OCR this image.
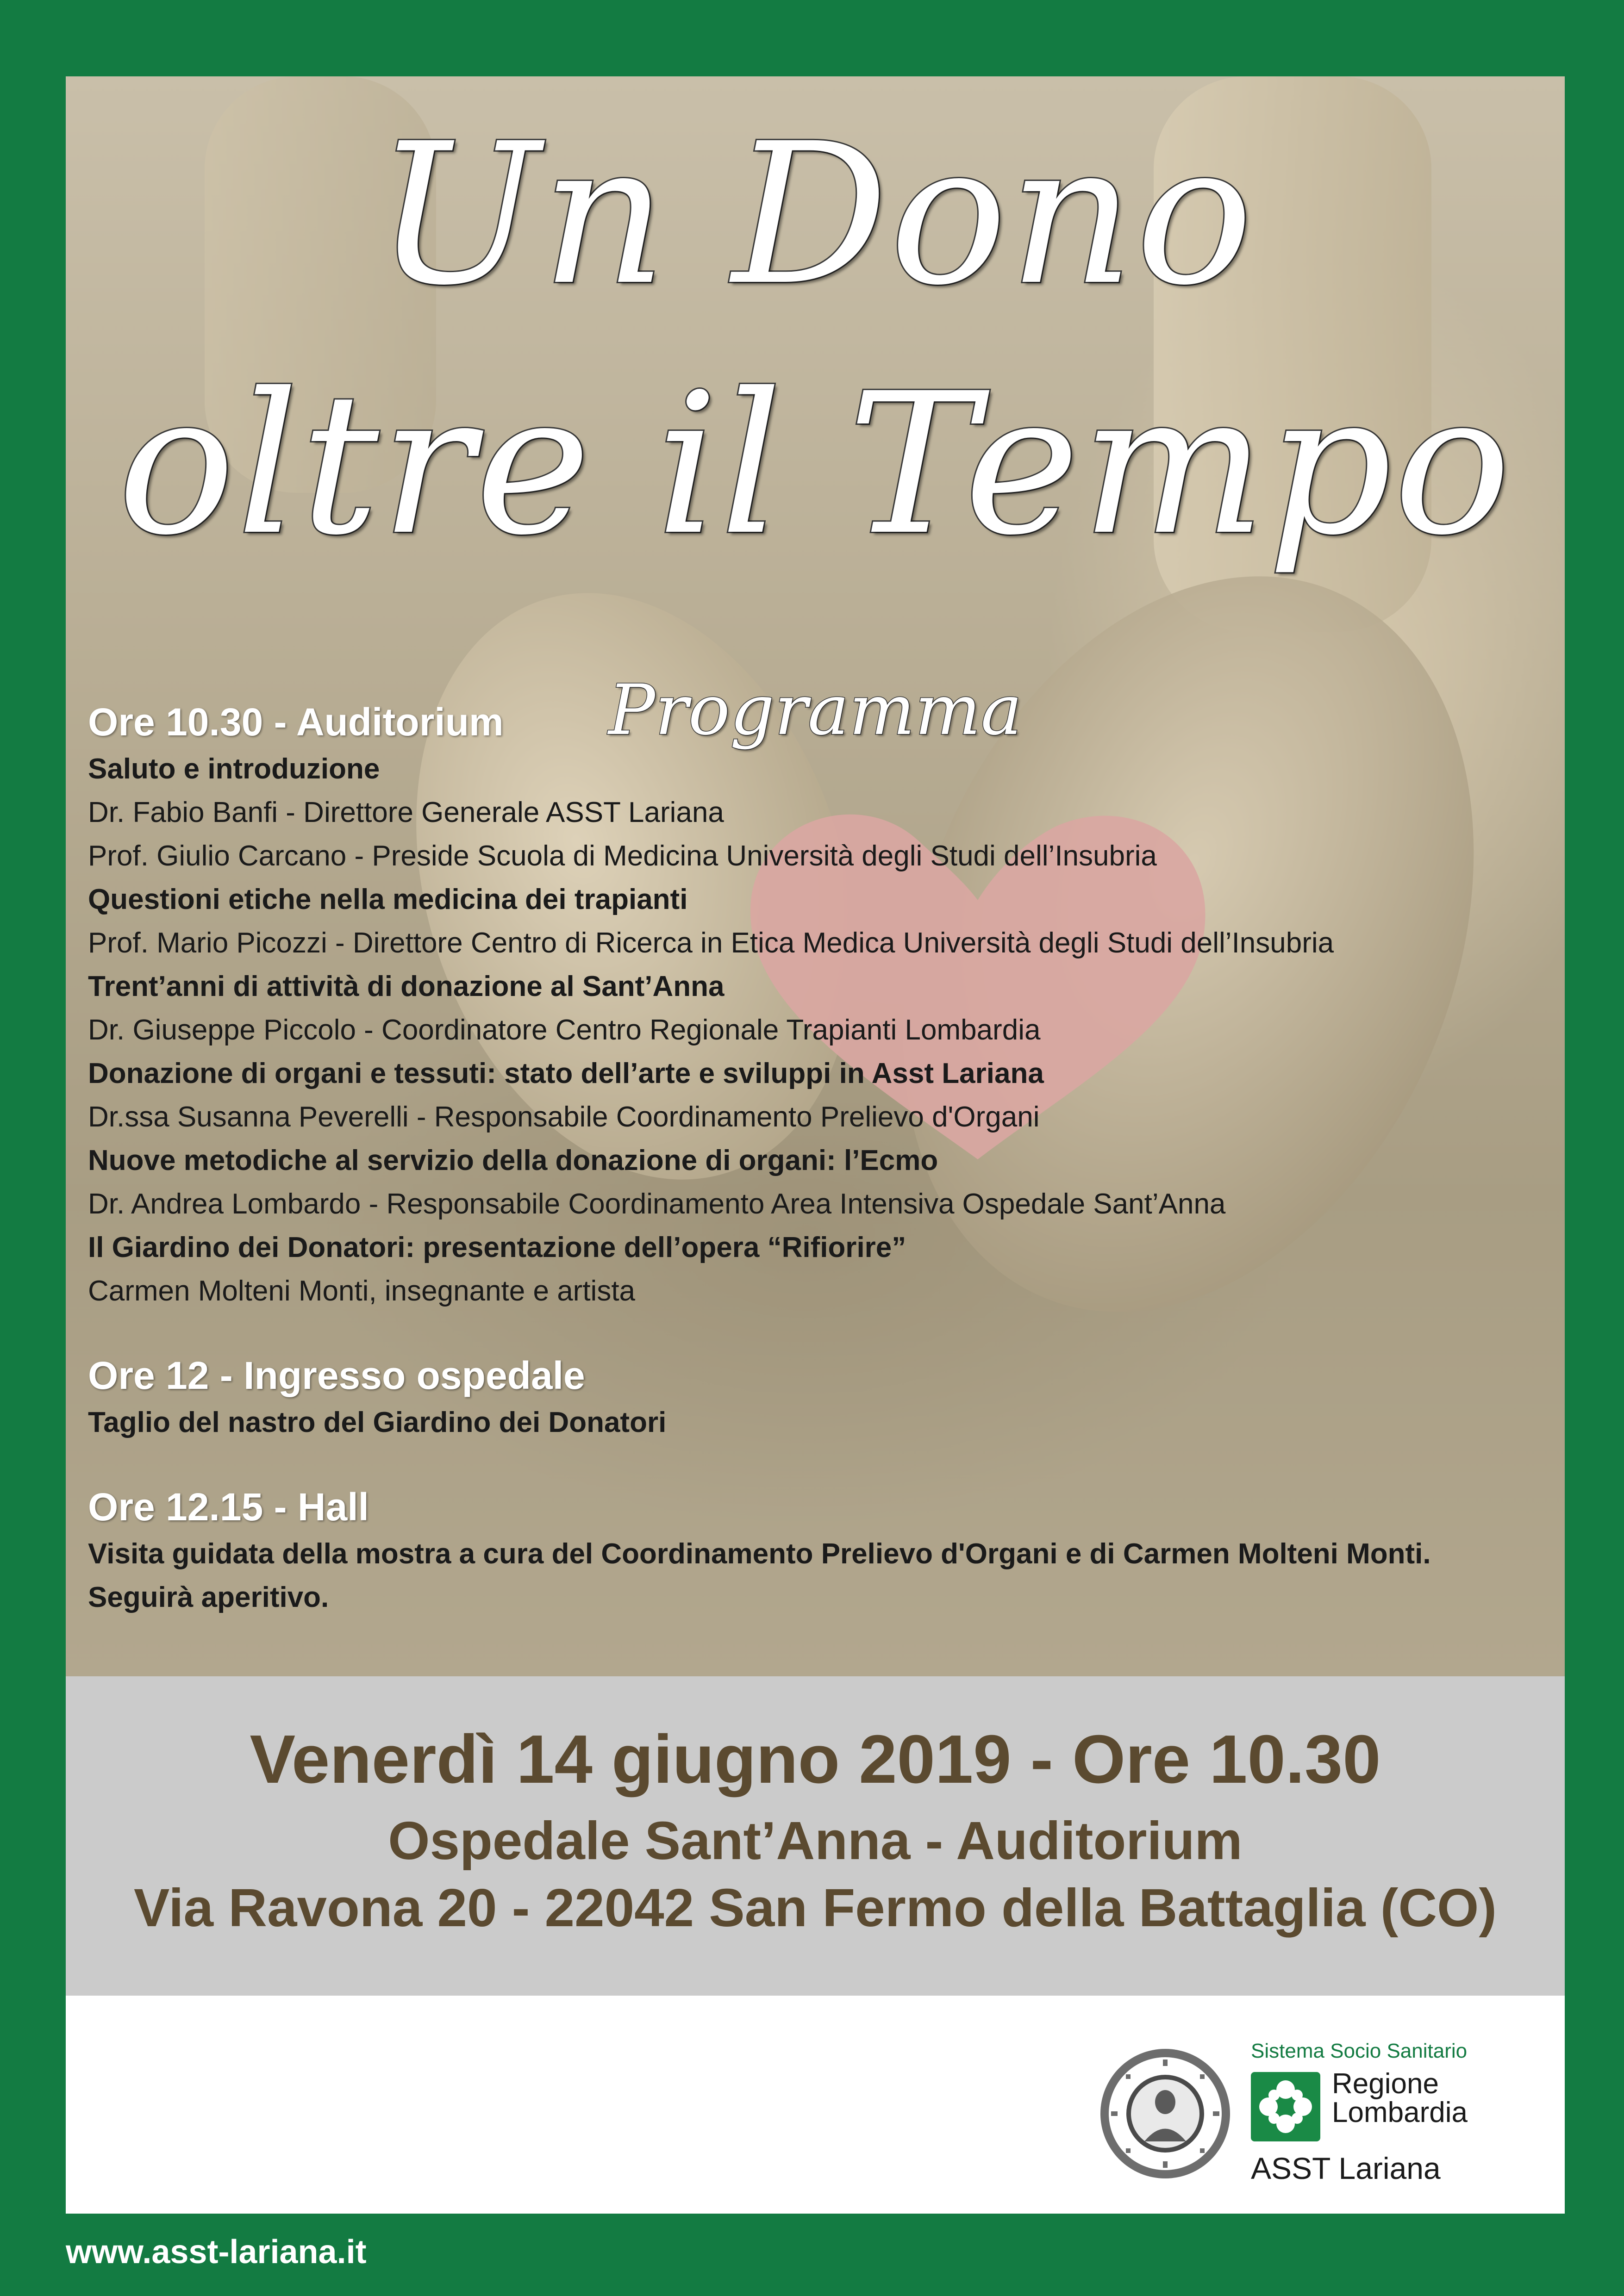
Un Dono

oltre il Tempo

Programma

Ore 10.30 - Auditorium

Saluto e introduzione

Dr. Fabio Banfi - Direttore Generale ASST Lariana

Prof. Giulio Carcano - Preside Scuola di Medicina Università degli Studi dell’Insubria

Questioni etiche nella medicina dei trapianti

Prof. Mario Picozzi - Direttore Centro di Ricerca in Etica Medica Università degli Studi dell’Insubria

Trent’anni di attività di donazione al Sant’Anna

Dr. Giuseppe Piccolo - Coordinatore Centro Regionale Trapianti Lombardia

Donazione di organi e tessuti: stato dell’arte e sviluppi in Asst Lariana

Dr.ssa Susanna Peverelli - Responsabile Coordinamento Prelievo d'Organi

Nuove metodiche al servizio della donazione di organi: l’Ecmo

Dr. Andrea Lombardo - Responsabile Coordinamento Area Intensiva Ospedale Sant’Anna

Il Giardino dei Donatori: presentazione dell’opera “Rifiorire”

Carmen Molteni Monti, insegnante e artista

Ore 12 - Ingresso ospedale

Taglio del nastro del Giardino dei Donatori

Ore 12.15 - Hall

Visita guidata della mostra a cura del Coordinamento Prelievo d'Organi e di Carmen Molteni Monti.

Seguirà aperitivo.

Venerdì 14 giugno 2019 - Ore 10.30

Ospedale Sant’Anna - Auditorium

Via Ravona 20 - 22042 San Fermo della Battaglia (CO)

Sistema Socio Sanitario

Regione
Lombardia

ASST Lariana

www.asst-lariana.it
